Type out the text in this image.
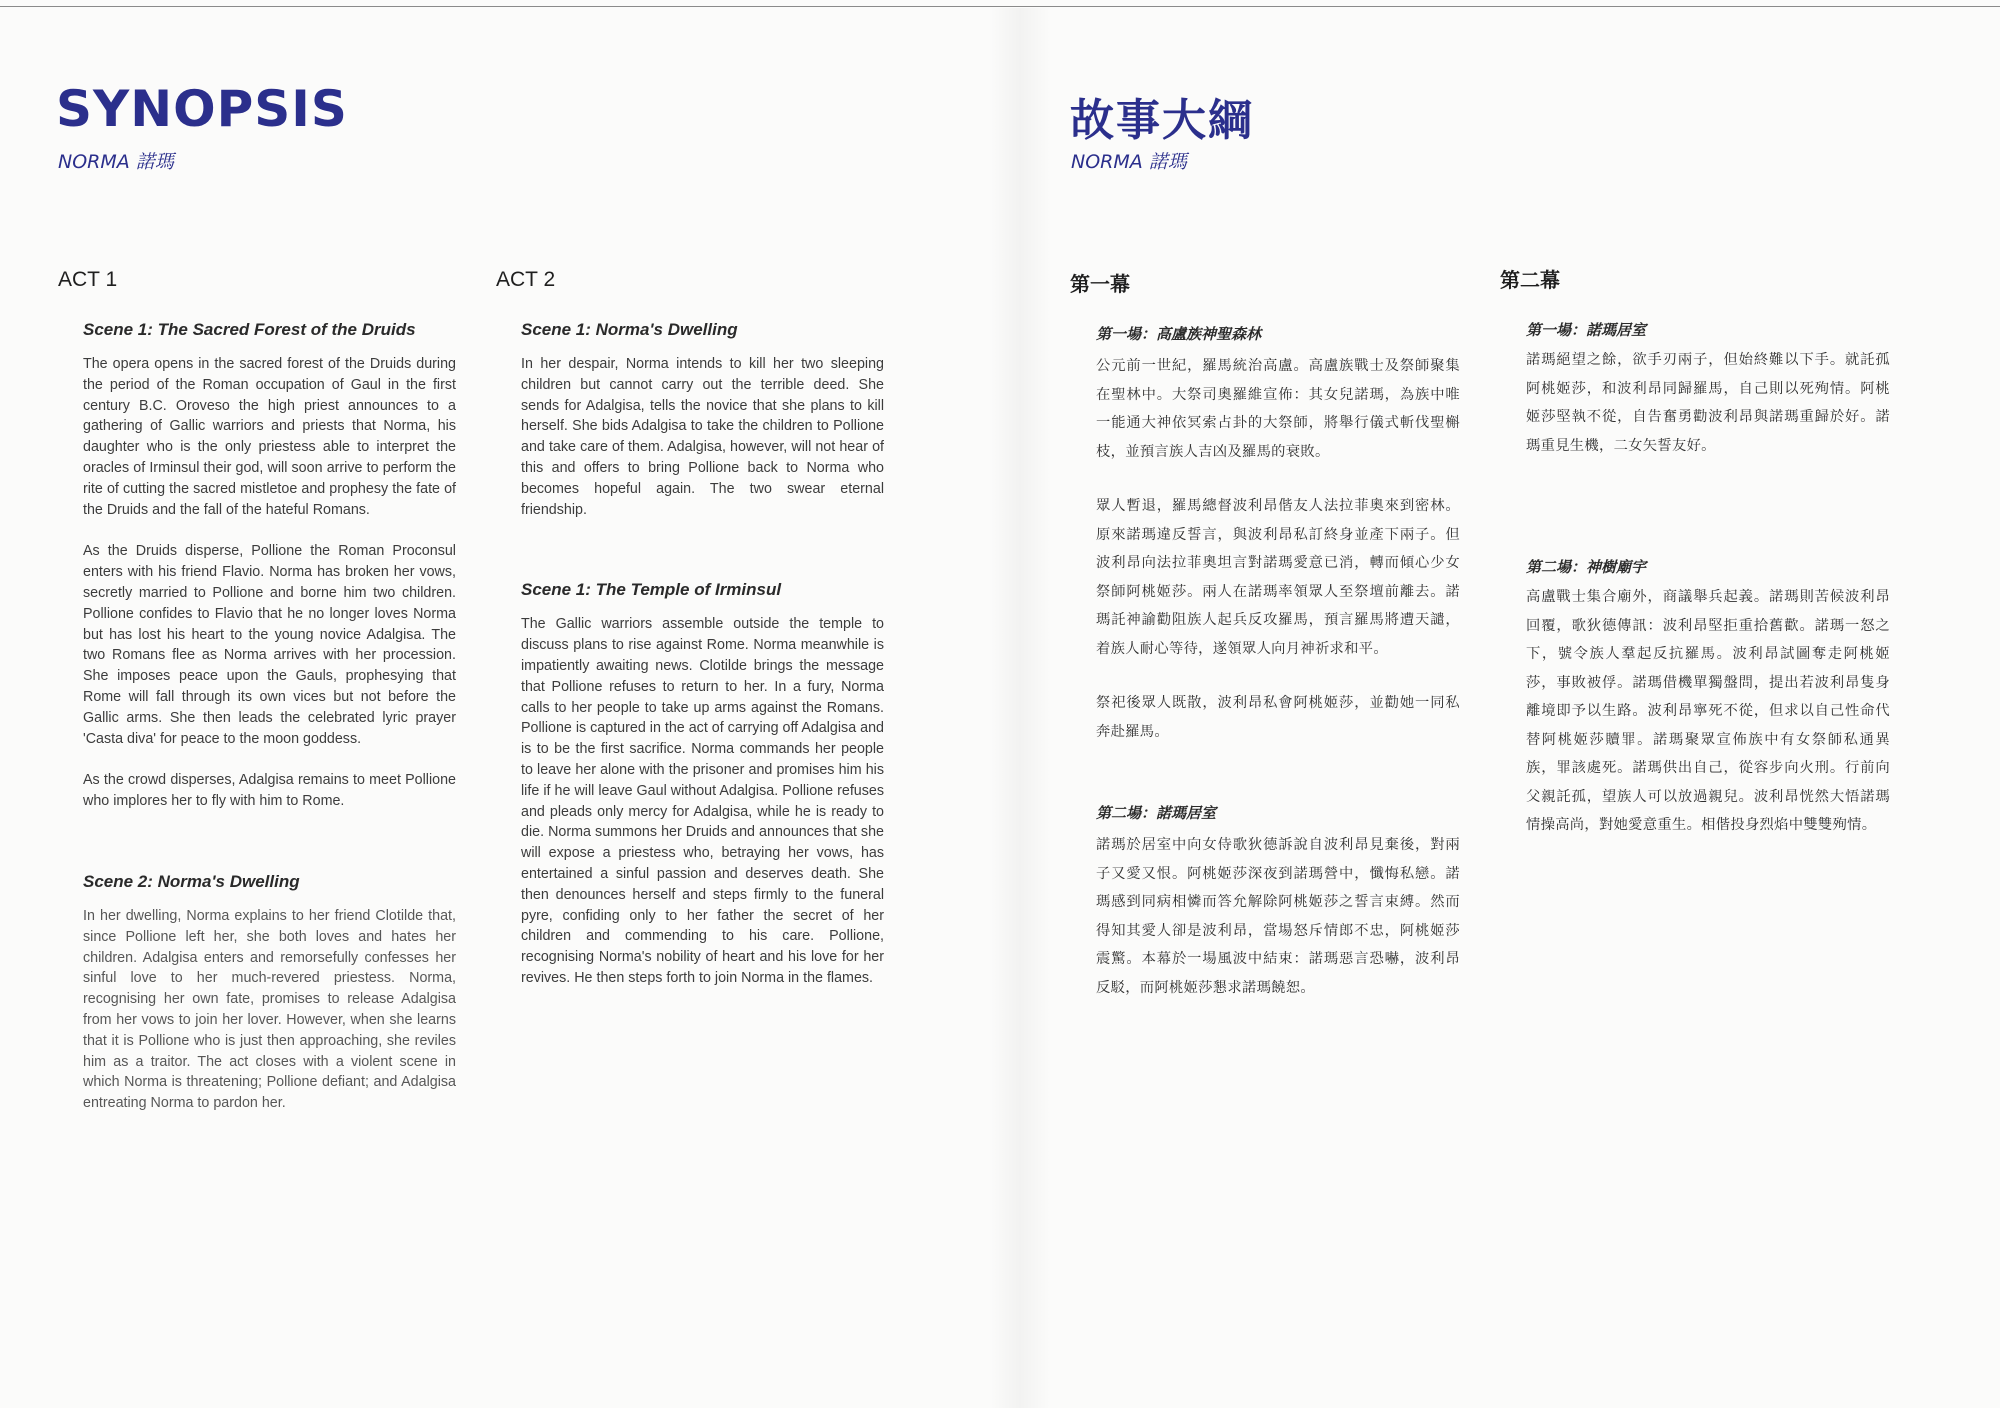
SYNOPSIS

NORMA 諾瑪

故事大綱

NORMA 諾瑪

ACT 1
Scene 1: The Sacred Forest of the Druids

The opera opens in the sacred forest of the Druids during the period of the Roman occupation of Gaul in the first century B.C. Oroveso the high priest announces to a gathering of Gallic warriors and priests that Norma, his daughter who is the only priestess able to interpret the oracles of Irminsul their god, will soon arrive to perform the rite of cutting the sacred mistletoe and prophesy the fate of the Druids and the fall of the hateful Romans.

As the Druids disperse, Pollione the Roman Proconsul enters with his friend Flavio. Norma has broken her vows, secretly married to Pollione and borne him two children. Pollione confides to Flavio that he no longer loves Norma but has lost his heart to the young novice Adalgisa. The two Romans flee as Norma arrives with her procession. She imposes peace upon the Gauls, prophesying that Rome will fall through its own vices but not before the Gallic arms. She then leads the celebrated lyric prayer 'Casta diva' for peace to the moon goddess.

As the crowd disperses, Adalgisa remains to meet Pollione who implores her to fly with him to Rome.

Scene 2: Norma's Dwelling

In her dwelling, Norma explains to her friend Clotilde that, since Pollione left her, she both loves and hates her children. Adalgisa enters and remorsefully confesses her sinful love to her much-revered priestess. Norma, recognising her own fate, promises to release Adalgisa from her vows to join her lover. However, when she learns that it is Pollione who is just then approaching, she reviles him as a traitor. The act closes with a violent scene in which Norma is threatening; Pollione defiant; and Adalgisa entreating Norma to pardon her.

ACT 2
Scene 1: Norma's Dwelling

In her despair, Norma intends to kill her two sleeping children but cannot carry out the terrible deed. She sends for Adalgisa, tells the novice that she plans to kill herself. She bids Adalgisa to take the children to Pollione and take care of them. Adalgisa, however, will not hear of this and offers to bring Pollione back to Norma who becomes hopeful again. The two swear eternal friendship.

Scene 1: The Temple of Irminsul

The Gallic warriors assemble outside the temple to discuss plans to rise against Rome. Norma meanwhile is impatiently awaiting news. Clotilde brings the message that Pollione refuses to return to her. In a fury, Norma calls to her people to take up arms against the Romans. Pollione is captured in the act of carrying off Adalgisa and is to be the first sacrifice. Norma commands her people to leave her alone with the prisoner and promises him his life if he will leave Gaul without Adalgisa. Pollione refuses and pleads only mercy for Adalgisa, while he is ready to die. Norma summons her Druids and announces that she will expose a priestess who, betraying her vows, has entertained a sinful passion and deserves death. She then denounces herself and steps firmly to the funeral pyre, confiding only to her father the secret of her children and commending to his care. Pollione, recognising Norma's nobility of heart and his love for her revives. He then steps forth to join Norma in the flames.

第一幕
第一場：高盧族神聖森林

公元前一世紀，羅馬統治高盧。高盧族戰士及祭師聚集在聖林中。大祭司奧羅維宣佈：其女兒諾瑪，為族中唯一能通大神依冥索占卦的大祭師，將舉行儀式斬伐聖槲枝，並預言族人吉凶及羅馬的衰敗。

眾人暫退，羅馬總督波利昂偕友人法拉菲奧來到密林。原來諾瑪違反誓言，與波利昂私訂終身並產下兩子。但波利昂向法拉菲奧坦言對諾瑪愛意已消，轉而傾心少女祭師阿桃姬莎。兩人在諾瑪率領眾人至祭壇前離去。諾瑪託神諭勸阻族人起兵反攻羅馬，預言羅馬將遭天譴，着族人耐心等待，遂領眾人向月神祈求和平。

祭祀後眾人既散，波利昂私會阿桃姬莎，並勸她一同私奔赴羅馬。

第二場：諾瑪居室

諾瑪於居室中向女侍歌狄德訴說自波利昂見棄後，對兩子又愛又恨。阿桃姬莎深夜到諾瑪營中，懺悔私戀。諾瑪感到同病相憐而答允解除阿桃姬莎之誓言束縛。然而得知其愛人卻是波利昂，當場怒斥情郎不忠，阿桃姬莎震驚。本幕於一場風波中結束：諾瑪惡言恐嚇，波利昂反駁，而阿桃姬莎懇求諾瑪饒恕。

第二幕
第一場：諾瑪居室

諾瑪絕望之餘，欲手刃兩子，但始終難以下手。就託孤阿桃姬莎，和波利昂同歸羅馬，自己則以死殉情。阿桃姬莎堅執不從，自告奮勇勸波利昂與諾瑪重歸於好。諾瑪重見生機，二女矢誓友好。

第二場：神樹廟宇

高盧戰士集合廟外，商議舉兵起義。諾瑪則苦候波利昂回覆，歌狄德傳訊：波利昂堅拒重拾舊歡。諾瑪一怒之下，號令族人羣起反抗羅馬。波利昂試圖奪走阿桃姬莎，事敗被俘。諾瑪借機單獨盤問，提出若波利昂隻身離境即予以生路。波利昂寧死不從，但求以自己性命代替阿桃姬莎贖罪。諾瑪聚眾宣佈族中有女祭師私通異族，罪該處死。諾瑪供出自己，從容步向火刑。行前向父親託孤，望族人可以放過親兒。波利昂恍然大悟諾瑪情操高尚，對她愛意重生。相偕投身烈焰中雙雙殉情。
